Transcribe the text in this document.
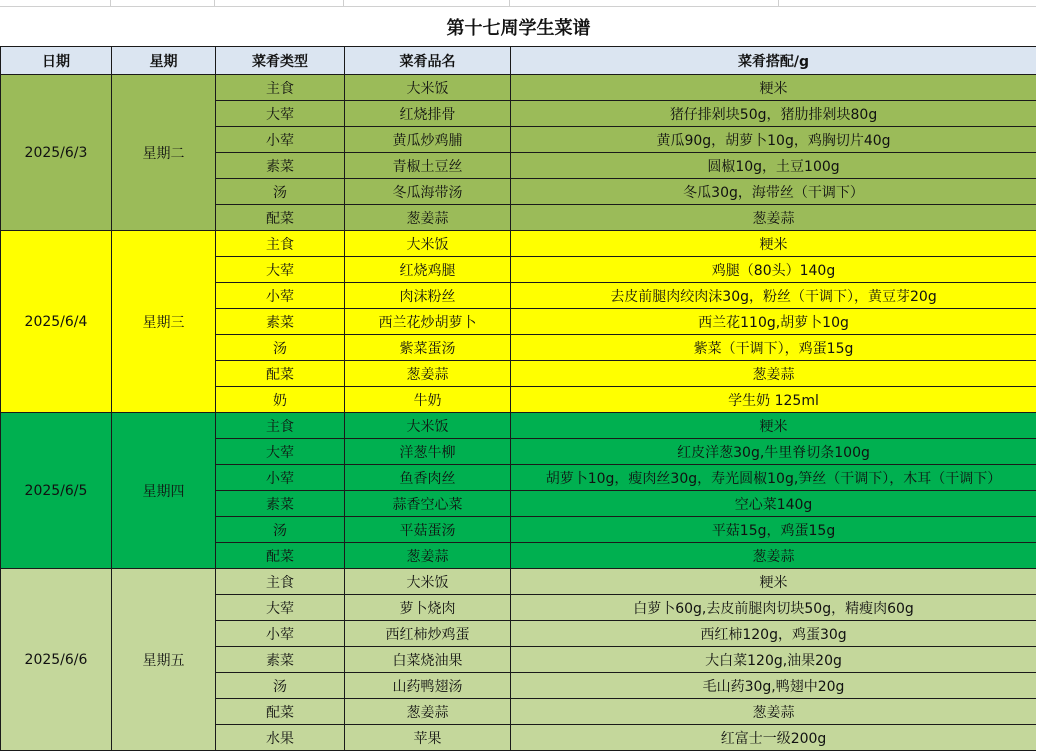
第十七周学生菜谱				
日期	星期	菜肴类型	菜肴品名	菜肴搭配/g
2025/6/3	星期二	主食	大米饭	粳米
		大荤	红烧排骨	猪仔排剁块50g，猪肋排剁块80g
		小荤	黄瓜炒鸡脯	黄瓜90g，胡萝卜10g，鸡胸切片40g
		素菜	青椒土豆丝	圆椒10g，土豆100g
		汤	冬瓜海带汤	冬瓜30g，海带丝（干调下）
		配菜	葱姜蒜	葱姜蒜
2025/6/4	星期三	主食	大米饭	粳米
		大荤	红烧鸡腿	鸡腿（80头）140g
		小荤	肉沫粉丝	去皮前腿肉绞肉沫30g，粉丝（干调下），黄豆芽20g
		素菜	西兰花炒胡萝卜	西兰花110g,胡萝卜10g
		汤	紫菜蛋汤	紫菜（干调下），鸡蛋15g
		配菜	葱姜蒜	葱姜蒜
		奶	牛奶	学生奶 125ml
2025/6/5	星期四	主食	大米饭	粳米
		大荤	洋葱牛柳	红皮洋葱30g,牛里脊切条100g
		小荤	鱼香肉丝	胡萝卜10g，瘦肉丝30g，寿光圆椒10g,笋丝（干调下），木耳（干调下）
		素菜	蒜香空心菜	空心菜140g
		汤	平菇蛋汤	平菇15g，鸡蛋15g
		配菜	葱姜蒜	葱姜蒜
2025/6/6	星期五	主食	大米饭	粳米
		大荤	萝卜烧肉	白萝卜60g,去皮前腿肉切块50g，精瘦肉60g
		小荤	西红柿炒鸡蛋	西红柿120g，鸡蛋30g
		素菜	白菜烧油果	大白菜120g,油果20g
		汤	山药鸭翅汤	毛山药30g,鸭翅中20g
		配菜	葱姜蒜	葱姜蒜
		水果	苹果	红富士一级200g
